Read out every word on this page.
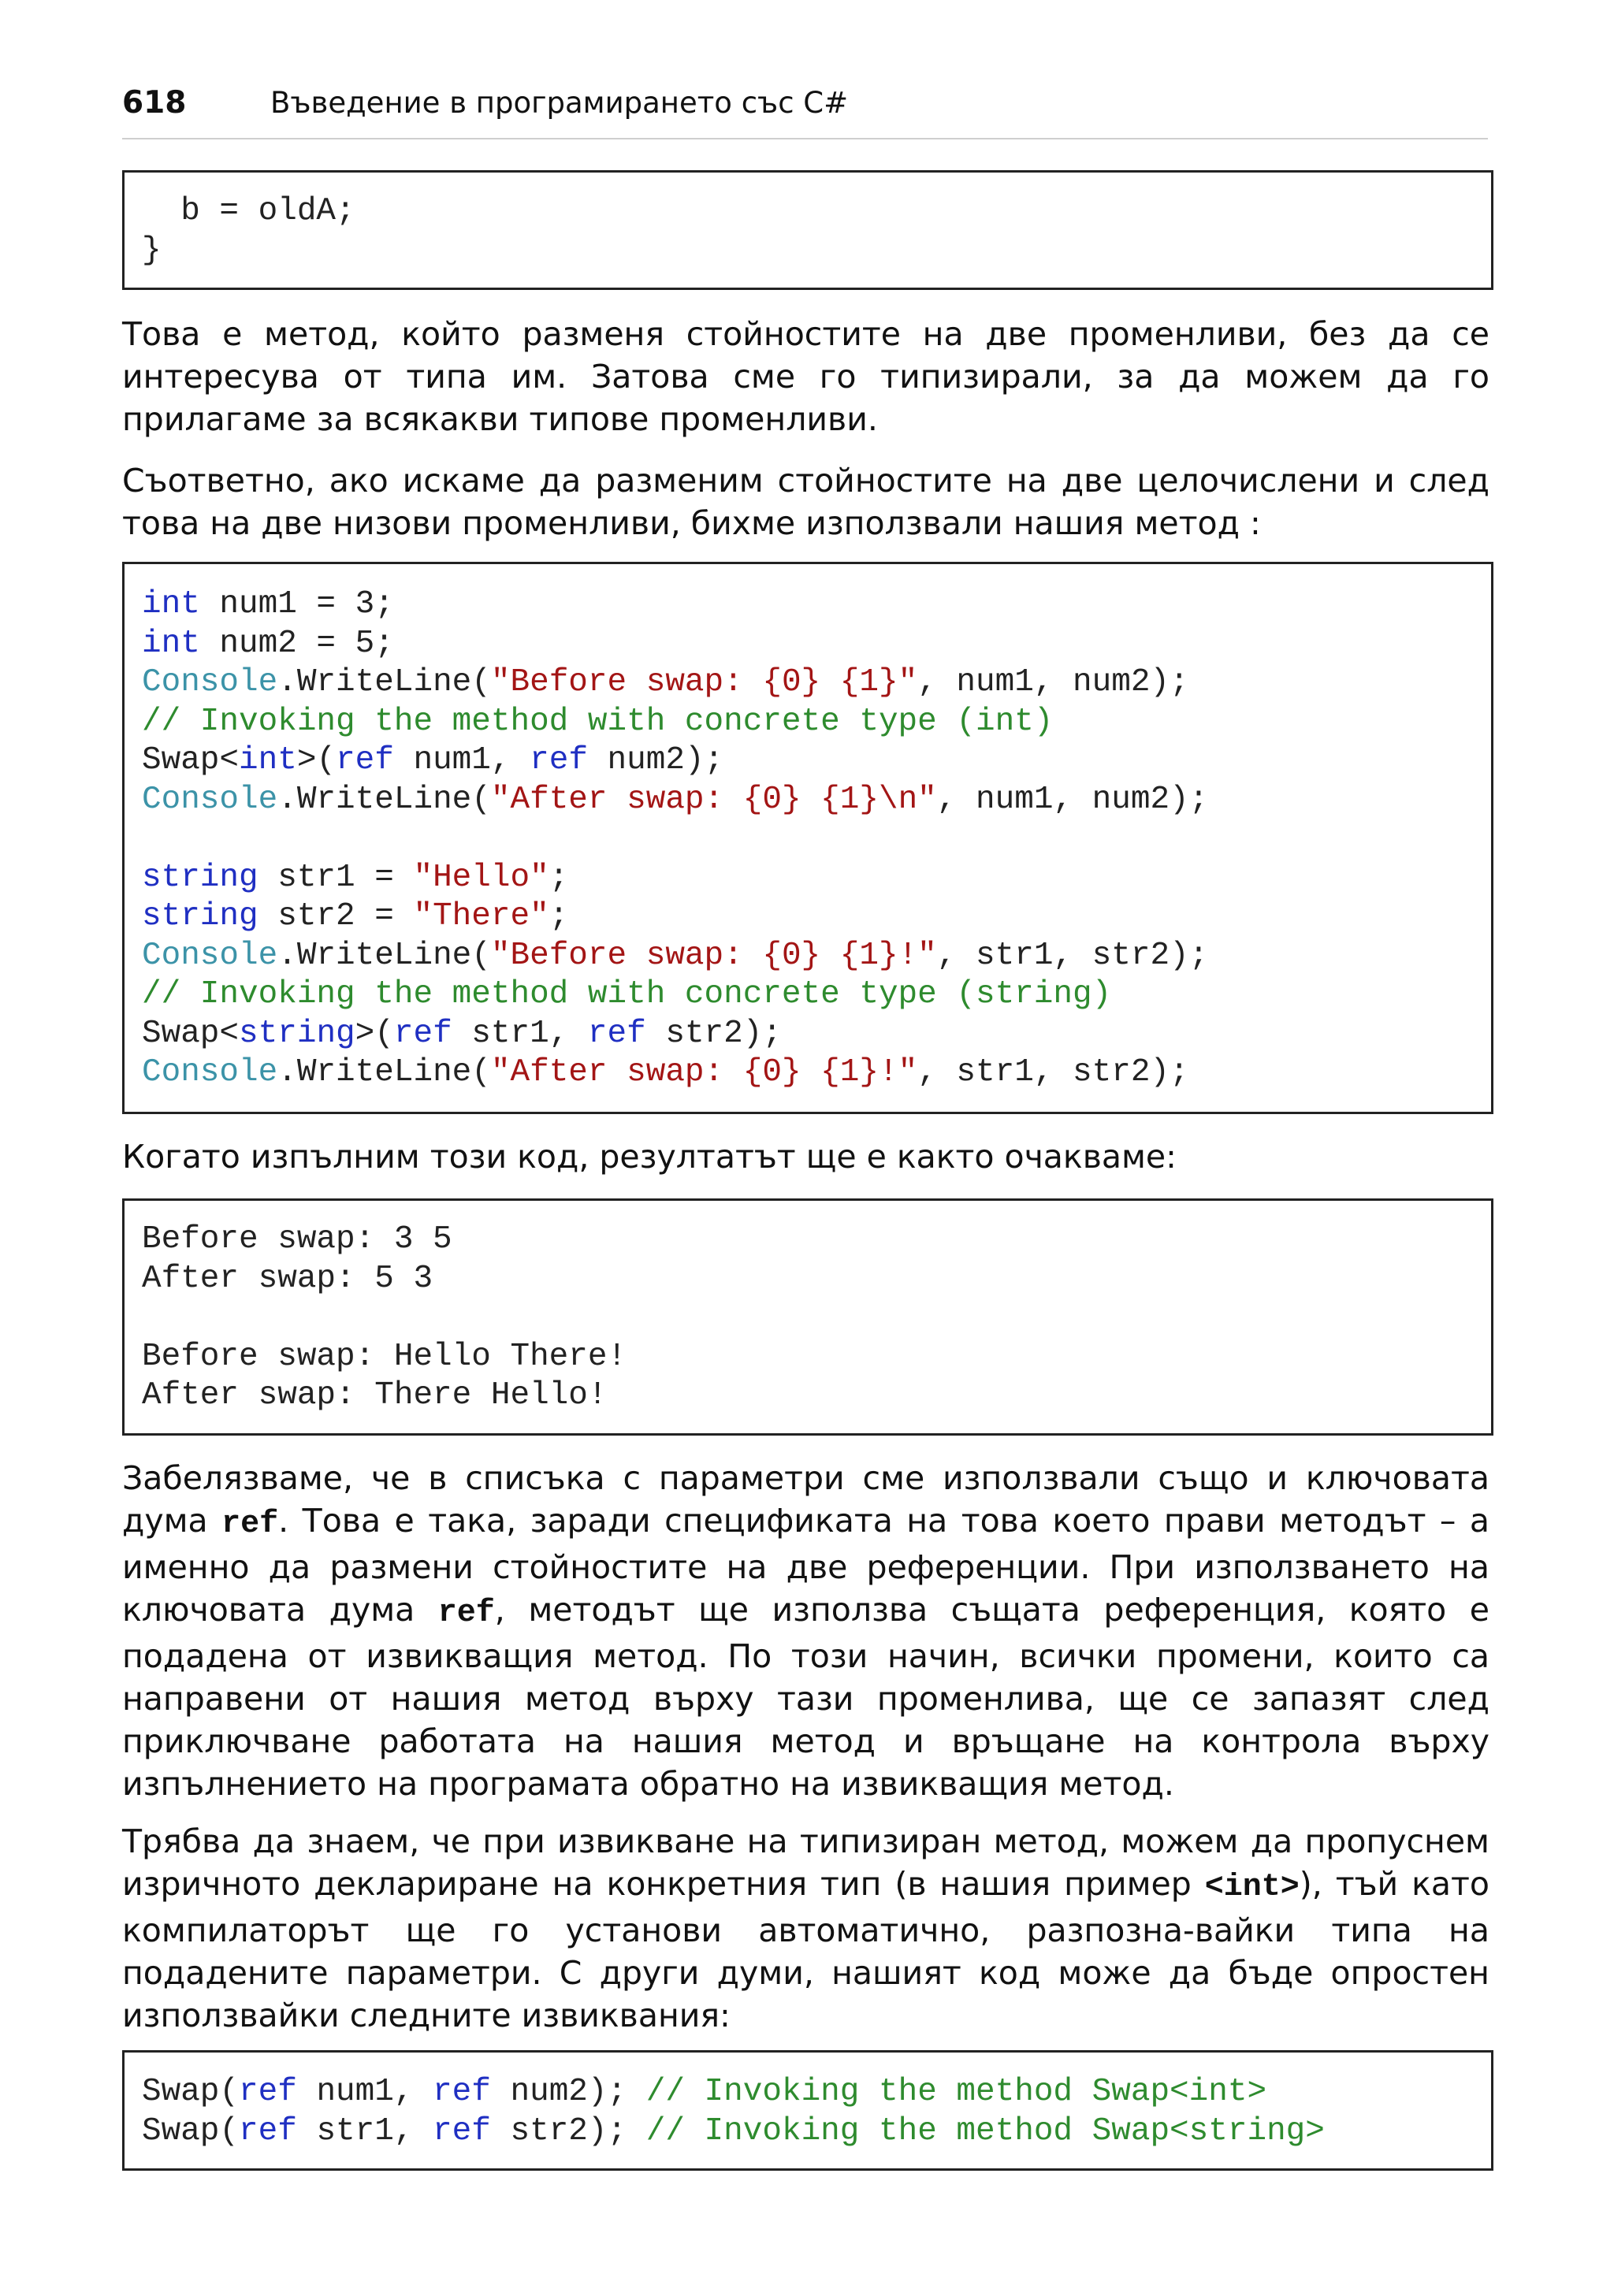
618	Въведение в програмирането със C#
b = oldA;
}

Това е метод, който разменя стойностите на две променливи, без да се интересува от типа им. Затова сме го типизирали, за да можем да го прилагаме за всякакви типове променливи.

Съответно, ако искаме да разменим стойностите на две целочислени и след това на две низови променливи, бихме използвали нашия метод :

int num1 = 3;
int num2 = 5;
Console.WriteLine("Before swap: {0} {1}", num1, num2);
// Invoking the method with concrete type (int)
Swap<int>(ref num1, ref num2);
Console.WriteLine("After swap: {0} {1}\n", num1, num2);

string str1 = "Hello";
string str2 = "There";
Console.WriteLine("Before swap: {0} {1}!", str1, str2);
// Invoking the method with concrete type (string)
Swap<string>(ref str1, ref str2);
Console.WriteLine("After swap: {0} {1}!", str1, str2);

Когато изпълним този код, резултатът ще е както очакваме:

Before swap: 3 5
After swap: 5 3

Before swap: Hello There!
After swap: There Hello!

Забелязваме, че в списъка с параметри сме използвали също и ключовата дума ref. Това е така, заради спецификата на това което прави методът – а именно да размени стойностите на две референции. При използването на ключовата дума ref, методът ще използва същата референция, която е подадена от извикващия метод. По този начин, всички промени, които са направени от нашия метод върху тази променлива, ще се запазят след приключване работата на нашия метод и връщане на контрола върху изпълнението на програмата обратно на извикващия метод.

Трябва да знаем, че при извикване на типизиран метод, можем да пропуснем изричното деклариране на конкретния тип (в нашия пример <int>), тъй като компилаторът ще го установи автоматично, разпозна-вайки типа на подадените параметри. С други думи, нашият код може да бъде опростен използвайки следните извиквания:

Swap(ref num1, ref num2); // Invoking the method Swap<int>
Swap(ref str1, ref str2); // Invoking the method Swap<string>
